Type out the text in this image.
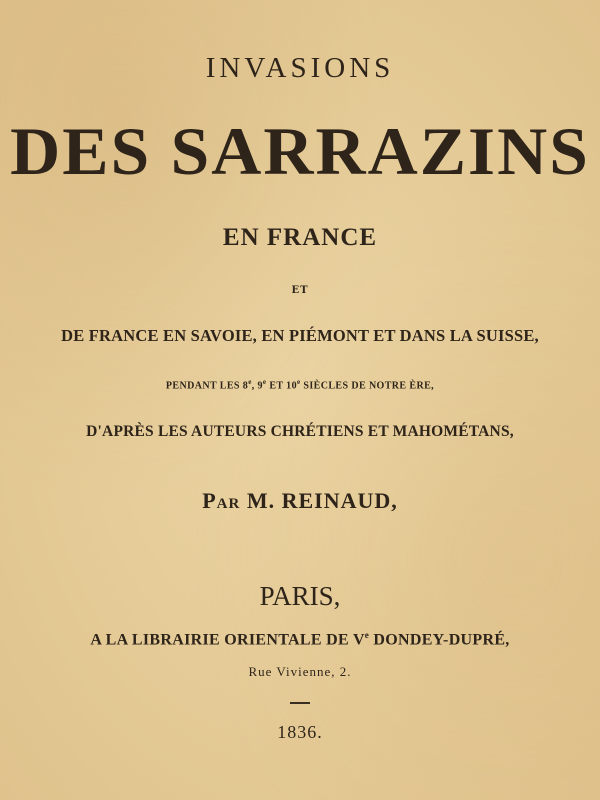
INVASIONS
DES SARRAZINS
EN FRANCE
ET
DE FRANCE EN SAVOIE, EN PIÉMONT ET DANS LA SUISSE,
PENDANT LES 8e, 9e ET 10e SIÈCLES DE NOTRE ÈRE,
D'APRÈS LES AUTEURS CHRÉTIENS ET MAHOMÉTANS,
PAR M. REINAUD,
PARIS,
A LA LIBRAIRIE ORIENTALE DE Ve DONDEY-DUPRÉ,
Rue Vivienne, 2.
1836.
